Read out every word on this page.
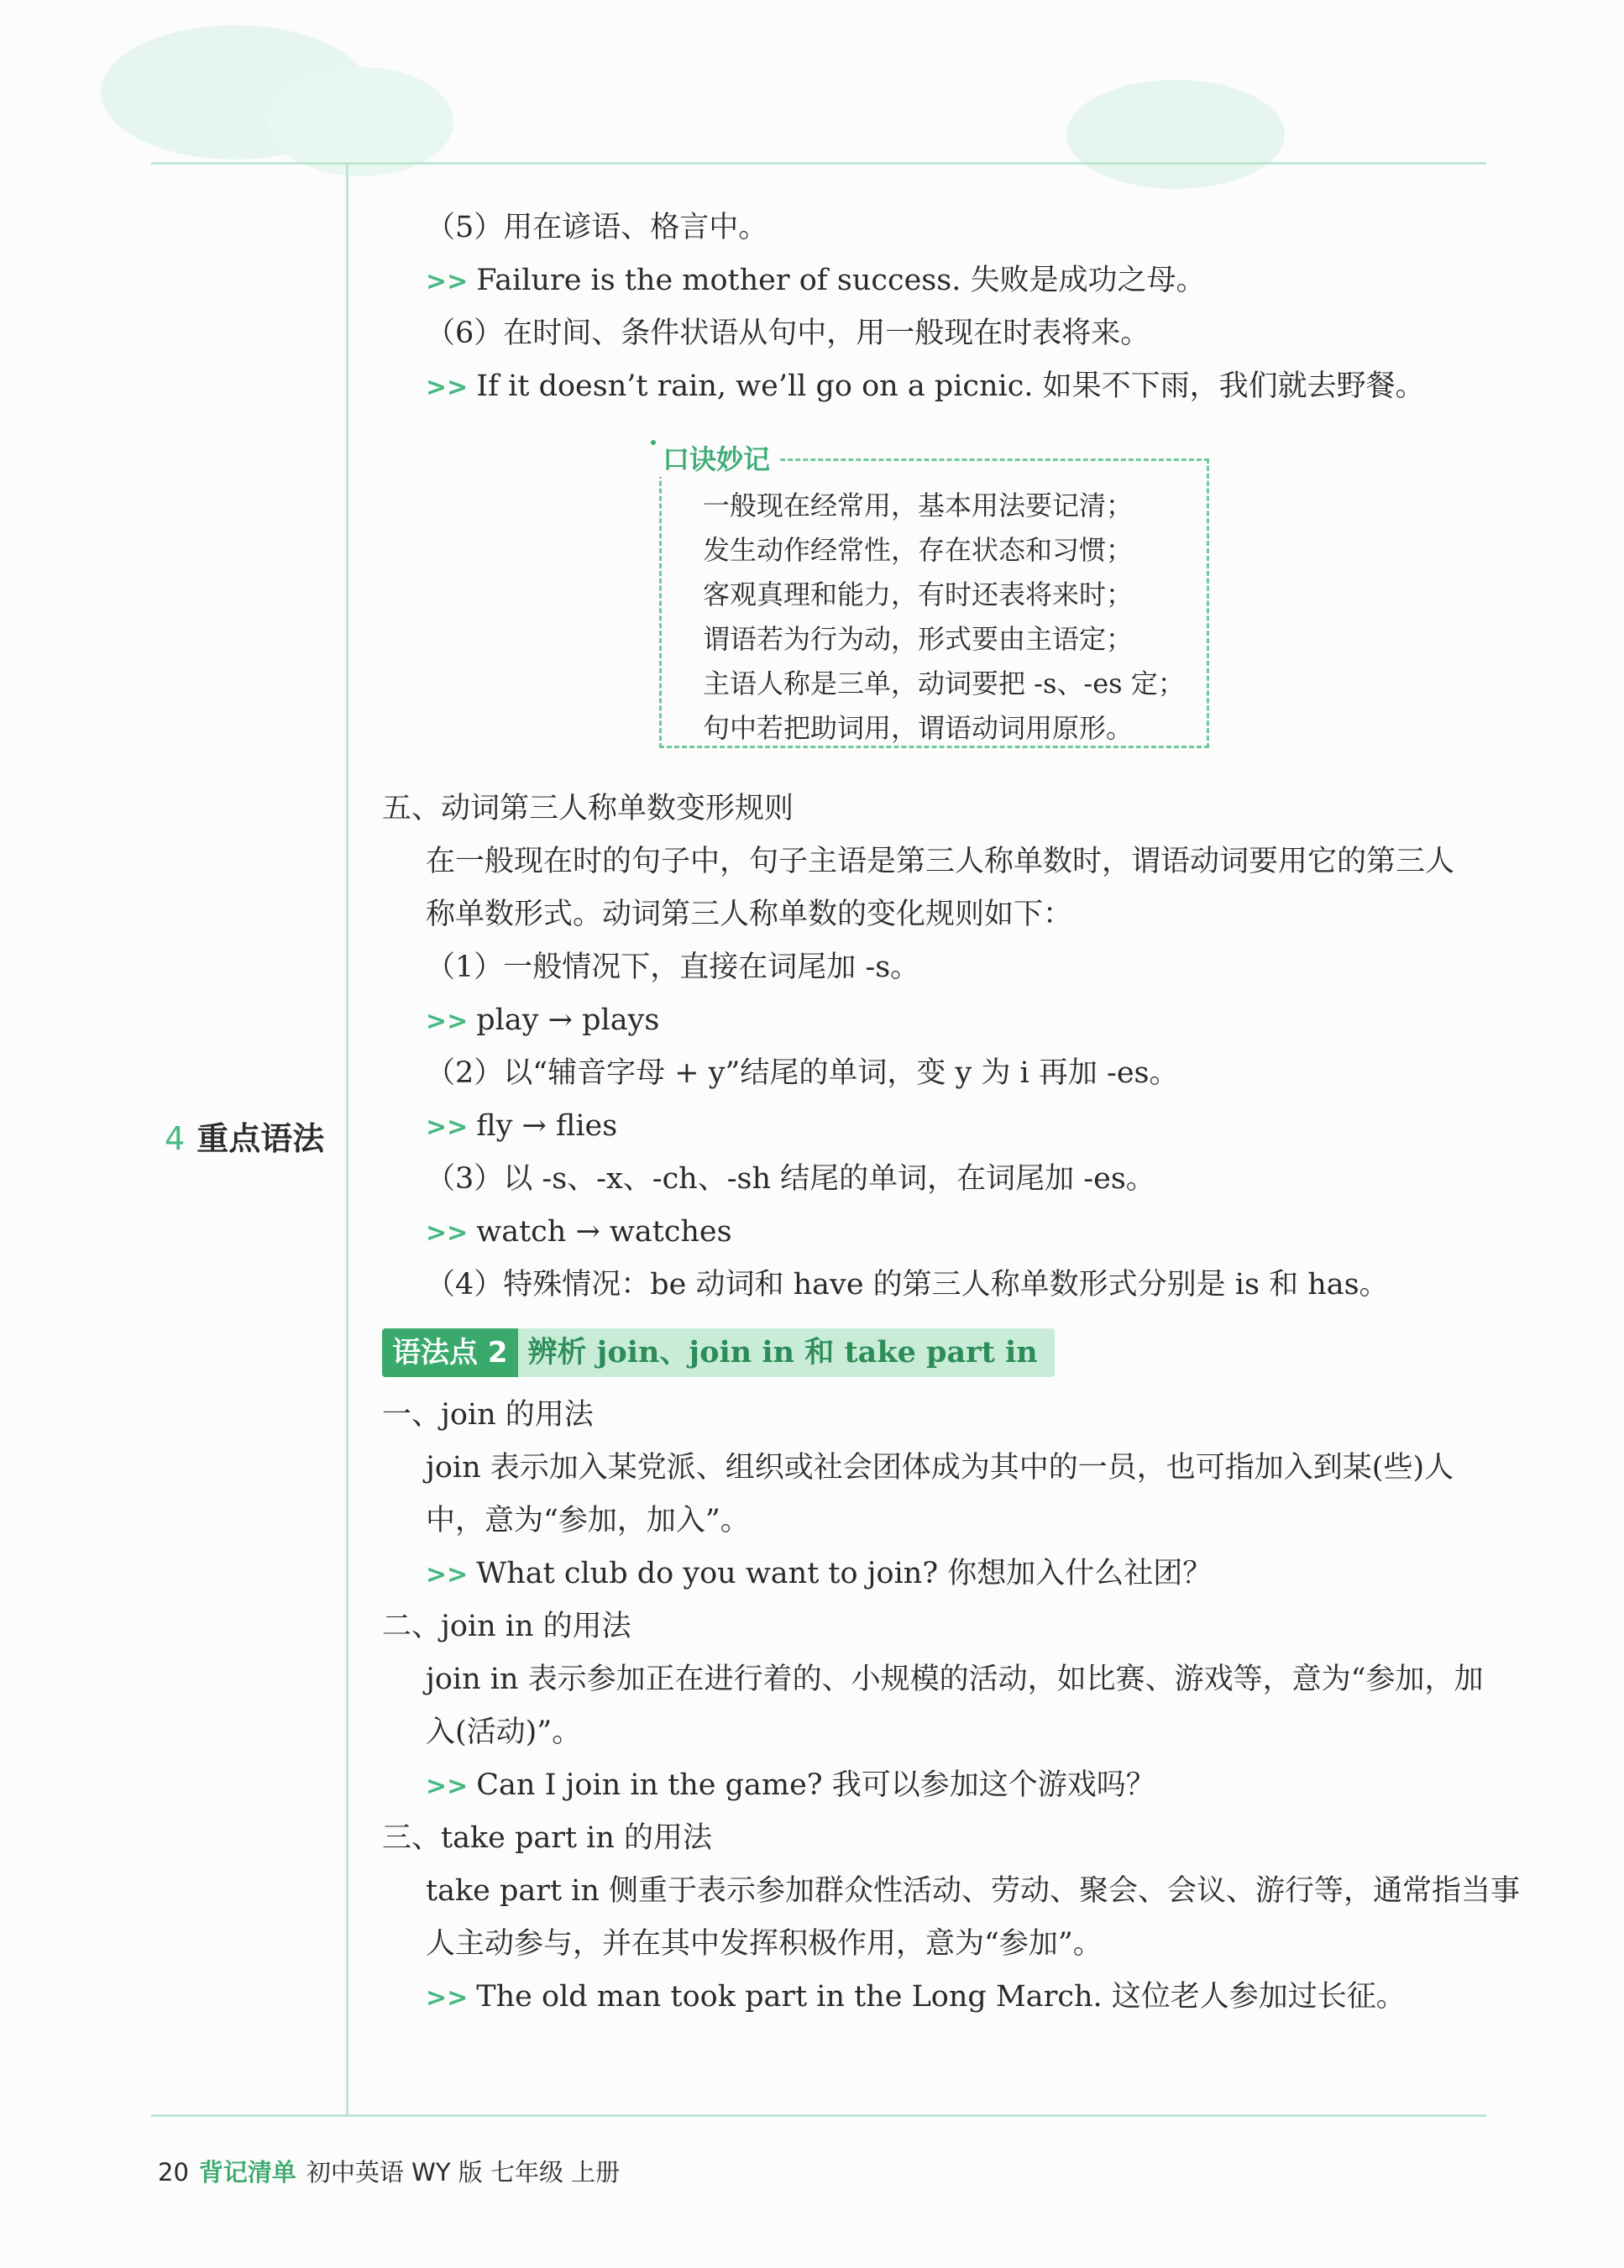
4 重点语法
（5）用在谚语、格言中。
>> Failure is the mother of success. 失败是成功之母。
（6）在时间、条件状语从句中，用一般现在时表将来。
>> If it doesn’t rain, we’ll go on a picnic. 如果不下雨，我们就去野餐。
口诀妙记
一般现在经常用，基本用法要记清；
发生动作经常性，存在状态和习惯；
客观真理和能力，有时还表将来时；
谓语若为行为动，形式要由主语定；
主语人称是三单，动词要把 -s、-es 定；
句中若把助词用，谓语动词用原形。
五、动词第三人称单数变形规则
在一般现在时的句子中，句子主语是第三人称单数时，谓语动词要用它的第三人
称单数形式。动词第三人称单数的变化规则如下：
（1）一般情况下，直接在词尾加 -s。
>> play → plays
（2）以“辅音字母 + y”结尾的单词，变 y 为 i 再加 -es。
>> fly → flies
（3）以 -s、-x、-ch、-sh 结尾的单词，在词尾加 -es。
>> watch → watches
（4）特殊情况：be 动词和 have 的第三人称单数形式分别是 is 和 has。
语法点 2 辨析 join、join in 和 take part in
一、join 的用法
join 表示加入某党派、组织或社会团体成为其中的一员，也可指加入到某(些)人
中，意为“参加，加入”。
>> What club do you want to join? 你想加入什么社团？
二、join in 的用法
join in 表示参加正在进行着的、小规模的活动，如比赛、游戏等，意为“参加，加
入(活动)”。
>> Can I join in the game? 我可以参加这个游戏吗？
三、take part in 的用法
take part in 侧重于表示参加群众性活动、劳动、聚会、会议、游行等，通常指当事
人主动参与，并在其中发挥积极作用，意为“参加”。
>> The old man took part in the Long March. 这位老人参加过长征。
20 背记清单 初中英语 WY 版 七年级 上册
